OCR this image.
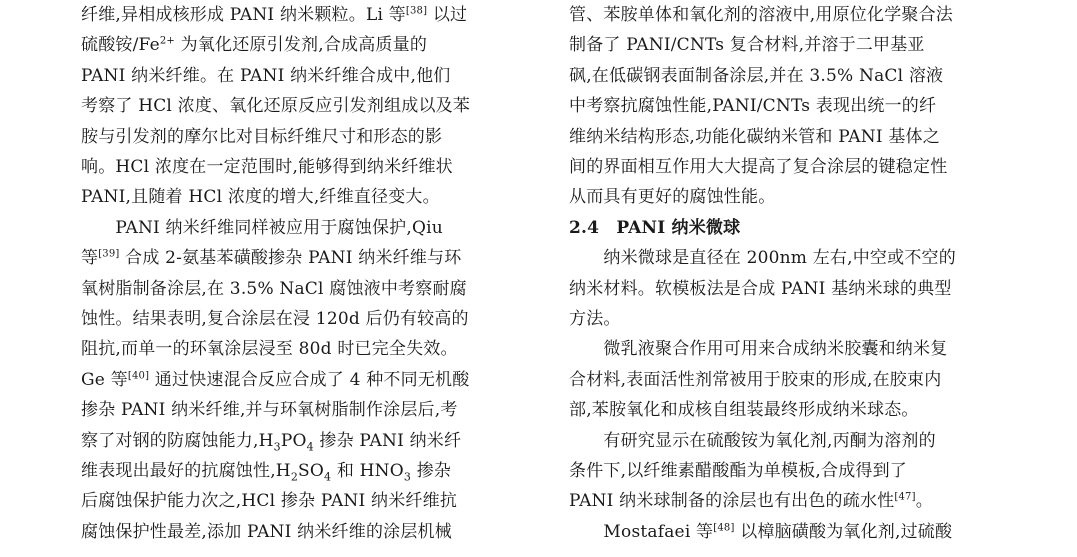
纤维,异相成核形成 PANI 纳米颗粒。Li 等[38] 以过
硫酸铵$/Fe^{2+}$ 为氧化还原引发剂,合成高质量的
PANI 纳米纤维。在 PANI 纳米纤维合成中,他们
考察了 HCl 浓度、氧化还原反应引发剂组成以及苯
胺与引发剂的摩尔比对目标纤维尺寸和形态的影
响。HCl 浓度在一定范围时,能够得到纳米纤维状
PANI,且随着 HCl 浓度的增大,纤维直径变大。
　　PANI 纳米纤维同样被应用于腐蚀保护,Qiu
等[39] 合成 2-氨基苯磺酸掺杂 PANI 纳米纤维与环
氧树脂制备涂层,在 3.5% NaCl 腐蚀液中考察耐腐
蚀性。结果表明,复合涂层在浸 120d 后仍有较高的
阻抗,而单一的环氧涂层浸至 80d 时已完全失效。
Ge 等[40] 通过快速混合反应合成了 4 种不同无机酸
掺杂 PANI 纳米纤维,并与环氧树脂制作涂层后,考
察了对钢的防腐蚀能力$,H_3PO_4$ 掺杂 PANI 纳米纤
维表现出最好的抗腐蚀性$,H_2SO_4$ 和 $HNO_3$ 掺杂
后腐蚀保护能力次之,HCl 掺杂 PANI 纳米纤维抗
腐蚀保护性最差,添加 PANI 纳米纤维的涂层机械
管、苯胺单体和氧化剂的溶液中,用原位化学聚合法
制备了 PANI/CNTs 复合材料,并溶于二甲基亚
砜,在低碳钢表面制备涂层,并在 3.5% NaCl 溶液
中考察抗腐蚀性能,PANI/CNTs 表现出统一的纤
维纳米结构形态,功能化碳纳米管和 PANI 基体之
间的界面相互作用大大提高了复合涂层的键稳定性
从而具有更好的腐蚀性能。
2.4　PANI 纳米微球
　　纳米微球是直径在 200nm 左右,中空或不空的
纳米材料。软模板法是合成 PANI 基纳米球的典型
方法。
　　微乳液聚合作用可用来合成纳米胶囊和纳米复
合材料,表面活性剂常被用于胶束的形成,在胶束内
部,苯胺氧化和成核自组装最终形成纳米球态。
　　有研究显示在硫酸铵为氧化剂,丙酮为溶剂的
条件下,以纤维素醋酸酯为单模板,合成得到了
PANI 纳米球制备的涂层也有出色的疏水性[47]。
　　Mostafaei 等[48] 以樟脑磺酸为氧化剂,过硫酸
